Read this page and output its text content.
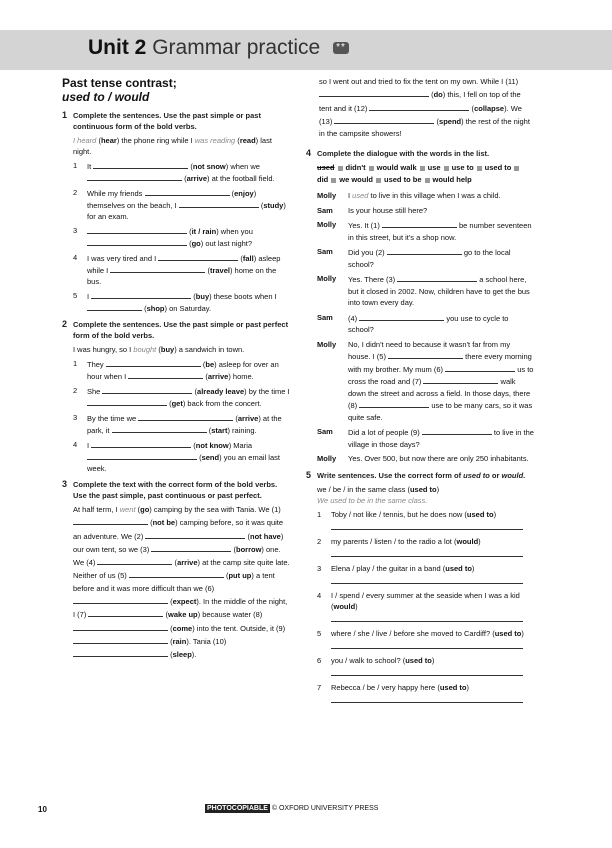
Unit 2 Grammar practice **
Past tense contrast;
used to / would
1 Complete the sentences. Use the past simple or past continuous form of the bold verbs.
I heard (hear) the phone ring while I was reading (read) last night.
1	It	(not snow) when we  (arrive) at the football field.
2	While my friends	(enjoy) themselves on the beach, I	(study) for an exam.
3	(it / rain) when you  (go) out last night?
4	I was very tired and I	(fall) asleep while I	(travel) home on the bus.
5	I	(buy) these boots when I  (shop) on Saturday.
2 Complete the sentences. Use the past simple or past perfect form of the bold verbs.
I was hungry, so I bought (buy) a sandwich in town.
1	They	(be) asleep for over an hour when I	(arrive) home.
2	She	(already leave) by the time I  (get) back from the concert.
3	By the time we	(arrive) at the park, it	(start) raining.
4	I	(not know) Maria  (send) you an email last week.
3 Complete the text with the correct form of the bold verbs. Use the past simple, past continuous or past perfect.
At half term, I went (go) camping by the sea with Tania. We (1)  (not be) camping before, so it was quite an adventure. We (2)	(not have) our own tent, so we (3)	(borrow) one. We (4)	(arrive) at the camp site quite late. Neither of us (5)	(put up) a tent before and it was more difficult than we (6)  (expect). In the middle of the night, I (7)	(wake up) because water (8)  (come) into the tent. Outside, it (9)  (rain). Tania (10)  (sleep).
so I went out and tried to fix the tent on my own. While I (11)  (do) this, I fell on top of the tent and it (12)	(collapse). We (13)	(spend) the rest of the night in the campsite showers!
4 Complete the dialogue with the words in the list.
used didn't would walk use use to used to
did we would used to be would help
Molly	I used to live in this village when I was a child.
Sam	Is your house still here?
Molly	Yes. It (1)	be number seventeen in this street, but it's a shop now.
Sam	Did you (2)	go to the local school?
Molly	Yes. There (3)	a school here, but it closed in 2002. Now, children have to get the bus into town every day.
Sam	(4)	you use to cycle to school?
Molly	No, I didn't need to because it wasn't far from my house. I (5)	there every morning with my brother. My mum (6)	us to cross the road and (7)	walk down the street and across a field. In those days, there (8)	use to be many cars, so it was quite safe.
Sam	Did a lot of people (9)	to live in the village in those days?
Molly	Yes. Over 500, but now there are only 250 inhabitants.
5 Write sentences. Use the correct form of used to or would.
we / be / in the same class (used to)
We used to be in the same class.
1	Toby / not like / tennis, but he does now (used to)
2	my parents / listen / to the radio a lot (would)
3	Elena / play / the guitar in a band (used to)
4	I / spend / every summer at the seaside when I was a kid (would)
5	where / she / live / before she moved to Cardiff? (used to)
6	you / walk to school? (used to)
7	Rebecca / be / very happy here (used to)
10	PHOTOCOPIABLE © OXFORD UNIVERSITY PRESS
